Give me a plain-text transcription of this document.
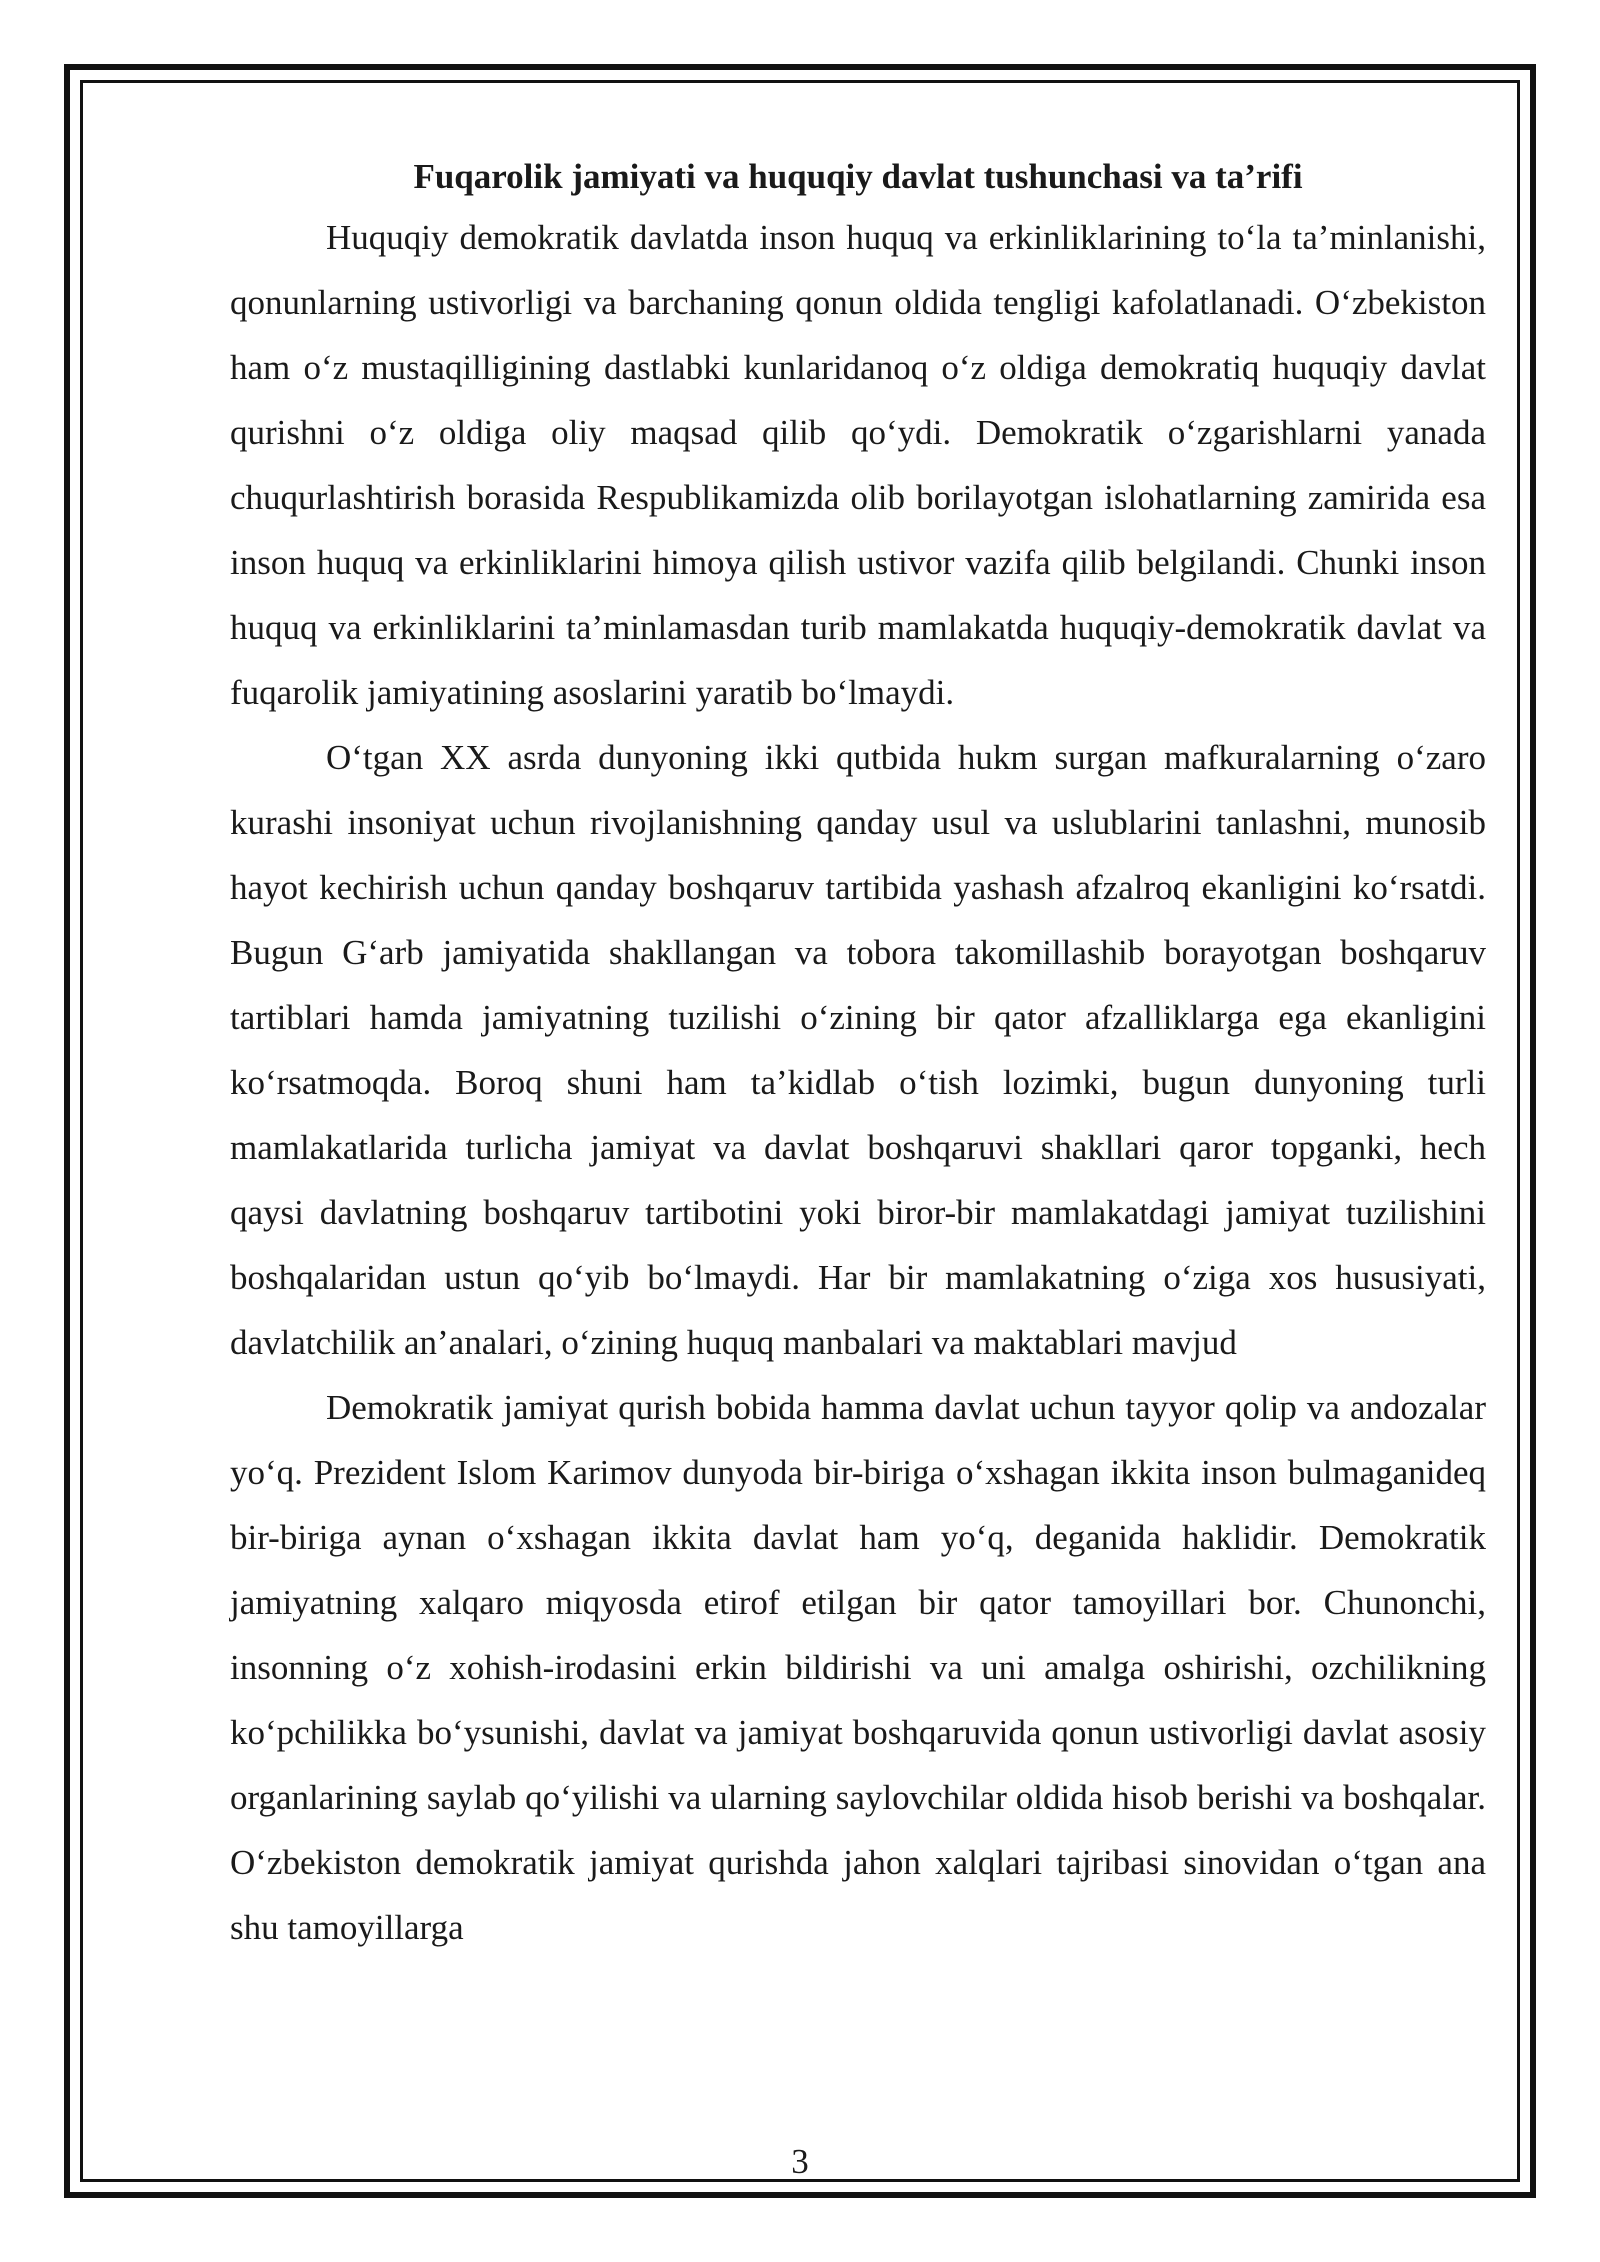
Fuqarolik jamiyati va huquqiy davlat tushunchasi va ta’rifi

Huquqiy demokratik davlatda inson huquq va erkinliklarining to‘la ta’minlanishi, qonunlarning ustivorligi va barchaning qonun oldida tengligi kafolatlanadi. O‘zbekiston ham o‘z mustaqilligining dastlabki kunlaridanoq o‘z oldiga demokratiq huquqiy davlat qurishni o‘z oldiga oliy maqsad qilib qo‘ydi. Demokratik o‘zgarishlarni yanada chuqurlashtirish borasida Respublikamizda olib borilayotgan islohatlarning zamirida esa inson huquq va erkinliklarini himoya qilish ustivor vazifa qilib belgilandi. Chunki inson huquq va erkinliklarini ta’minlamasdan turib mamlakatda huquqiy-demokratik davlat va fuqarolik jamiyatining asoslarini yaratib bo‘lmaydi.

O‘tgan XX asrda dunyoning ikki qutbida hukm surgan mafkuralarning o‘zaro kurashi insoniyat uchun rivojlanishning qanday usul va uslublarini tanlashni, munosib hayot kechirish uchun qanday boshqaruv tartibida yashash afzalroq ekanligini ko‘rsatdi. Bugun G‘arb jamiyatida shakllangan va tobora takomillashib borayotgan boshqaruv tartiblari hamda jamiyatning tuzilishi o‘zining bir qator afzalliklarga ega ekanligini ko‘rsatmoqda. Boroq shuni ham ta’kidlab o‘tish lozimki, bugun dunyoning turli mamlakatlarida turlicha jamiyat va davlat boshqaruvi shakllari qaror topganki, hech qaysi davlatning boshqaruv tartibotini yoki biror-bir mamlakatdagi jamiyat tuzilishini boshqalaridan ustun qo‘yib bo‘lmaydi. Har bir mamlakatning o‘ziga xos hususiyati, davlatchilik an’analari, o‘zining huquq manbalari va maktablari mavjud

Demokratik jamiyat qurish bobida hamma davlat uchun tayyor qolip va andozalar yo‘q. Prezident Islom Karimov dunyoda bir-biriga o‘xshagan ikkita inson bulmaganideq bir-biriga aynan o‘xshagan ikkita davlat ham yo‘q, deganida haklidir. Demokratik jamiyatning xalqaro miqyosda etirof etilgan bir qator tamoyillari bor. Chunonchi, insonning o‘z xohish-irodasini erkin bildirishi va uni amalga oshirishi, ozchilikning ko‘pchilikka bo‘ysunishi, davlat va jamiyat boshqaruvida qonun ustivorligi davlat asosiy organlarining saylab qo‘yilishi va ularning saylovchilar oldida hisob berishi va boshqalar. O‘zbekiston demokratik jamiyat qurishda jahon xalqlari tajribasi sinovidan o‘tgan ana shu tamoyillarga

3
